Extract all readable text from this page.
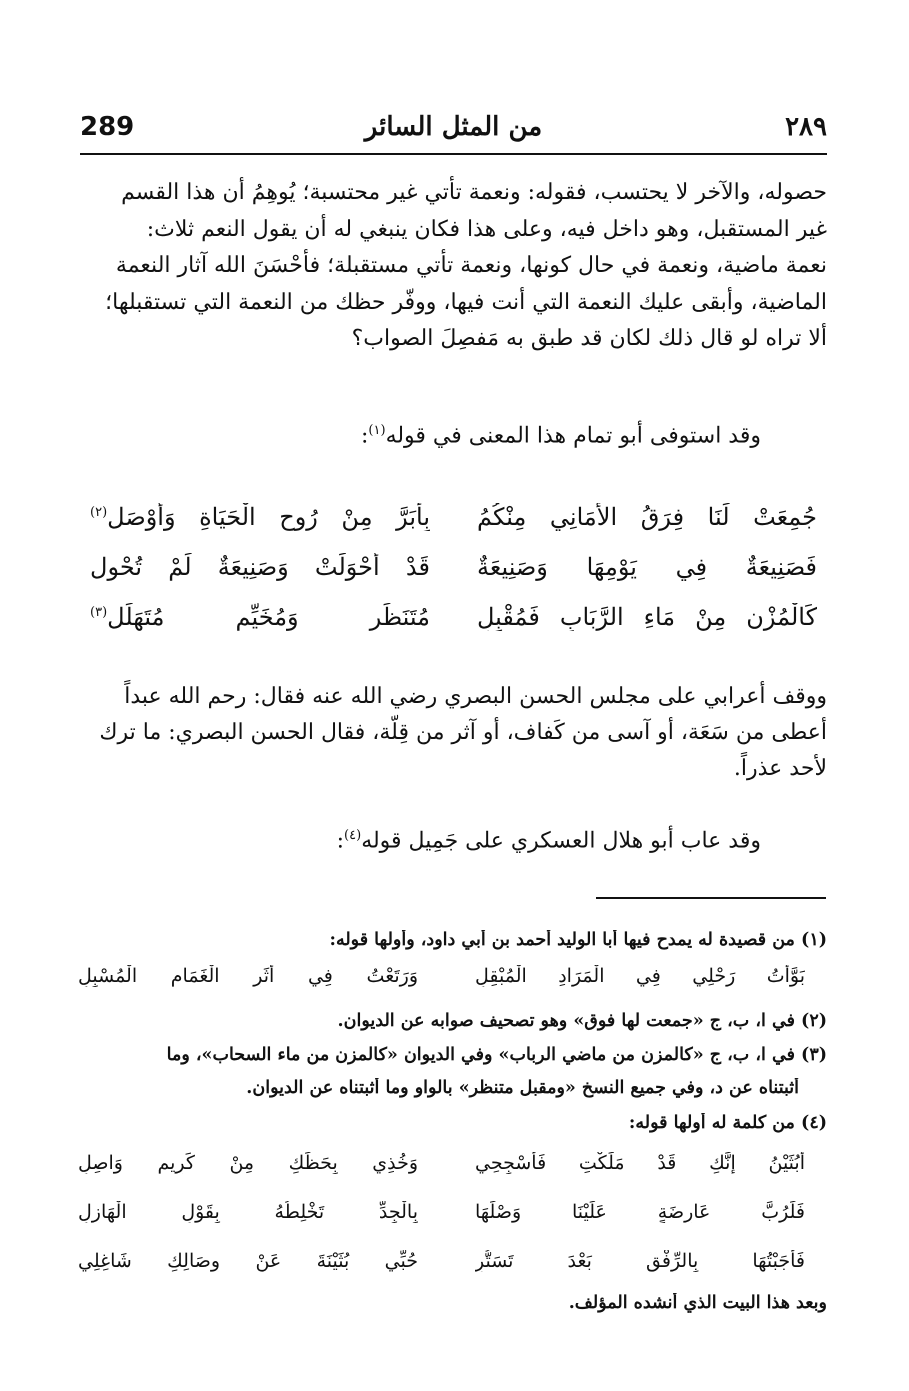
289	من المثل السائر	٢٨٩
حصوله، والآخر لا يحتسب، فقوله: ونعمة تأتي غير محتسبة؛ يُوهِمُ أن هذا القسم
غير المستقبل، وهو داخل فيه، وعلى هذا فكان ينبغي له أن يقول النعم ثلاث:
نعمة ماضية، ونعمة في حال كونها، ونعمة تأتي مستقبلة؛ فأحْسَنَ الله آثار النعمة
الماضية، وأبقى عليك النعمة التي أنت فيها، ووفّر حظك من النعمة التي تستقبلها؛
ألا تراه لو قال ذلك لكان قد طبق به مَفصِلَ الصواب؟
وقد استوفى أبو تمام هذا المعنى في قوله$^{(١)}$:
جُمِعَتْ لَنَا فِرَقُ الأَمَانِي مِنْكُمُ
بِأَبَرَّ مِنْ رُوحِ الْحَيَاةِ وَأَوْصَلِ$^{(٢)}$
فَصَنِيعَةٌ فِي يَوْمِهَا وَصَنِيعَةٌ
قَدْ أَحْوَلَتْ وَصَنِيعَةٌ لَمْ تُحْوِلِ
كَالْمُزْنِ مِنْ مَاءِ الرَّبَابِ فَمُقْبِلٍ
مُتَنَظِّرٍ وَمُخَيِّمٍ مُتَهَلِّلِ$^{(٣)}$
ووقف أعرابي على مجلس الحسن البصري رضي الله عنه فقال: رحم الله عبداً
أعطى من سَعَة، أو آسى من كَفاف، أو آثر من قِلّة، فقال الحسن البصري: ما ترك
لأحد عذراً.
وقد عاب أبو هلال العسكري على جَمِيل قوله$^{(٤)}$:
(١) من قصيدة له يمدح فيها أبا الوليد أحمد بن أبي داود، وأولها قوله:
بَوَّأْتُ رَحْلِي فِي الْمَرَادِ الْمُبْقِلِ
وَرَتَعْتُ فِي أَثَرِ الْغَمَامِ الْمُسْبِلِ
(٢) في ا، ب، ج «جمعت لها فوق» وهو تصحيف صوابه عن الديوان.
(٣) في ا، ب، ج «كالمزن من ماضي الرباب» وفي الديوان «كالمزن من ماء السحاب»، وما
أثبتناه عن د، وفي جميع النسخ «ومقبل متنظر» بالواو وما أثبتناه عن الديوان.
(٤) من كلمة له أولها قوله:
أَبُثَيْنُ إِنَّكِ قَدْ مَلَكْتِ فَأَسْجِحِي
وَخُذِي بِحَظِّكِ مِنْ كَرِيمٍ وَاصِلِ
فَلَرُبَّ عَارِضَةٍ عَلَيْنَا وَصْلَهَا
بِالْجِدِّ تَخْلِطُهُ بِقَوْلِ الْهَازِلِ
فَأَجَبْتُهَا بِالرِّفْقِ بَعْدَ تَسَتُّرٍ
حُبِّي بُثَيْنَةَ عَنْ وِصَالِكِ شَاغِلِي
وبعد هذا البيت الذي أنشده المؤلف.
